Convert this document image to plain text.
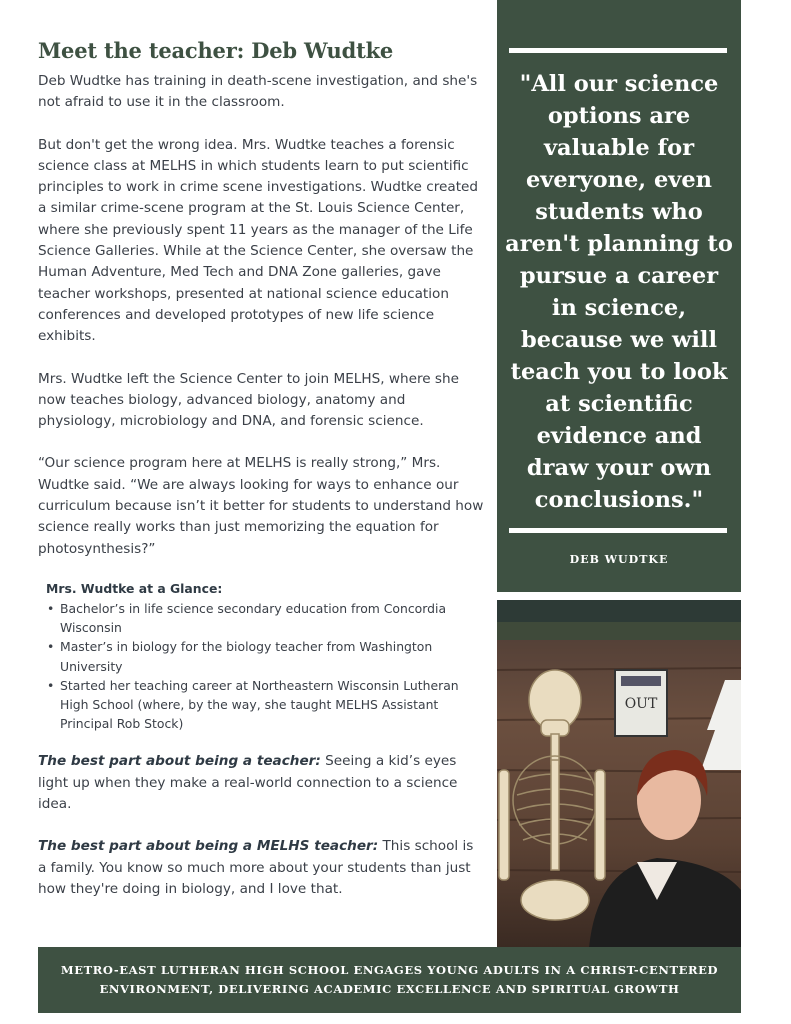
Meet the teacher: Deb Wudtke

Deb Wudtke has training in death-scene investigation, and she's not afraid to use it in the classroom.

But don't get the wrong idea. Mrs. Wudtke teaches a forensic science class at MELHS in which students learn to put scientific principles to work in crime scene investigations. Wudtke created a similar crime-scene program at the St. Louis Science Center, where she previously spent 11 years as the manager of the Life Science Galleries. While at the Science Center, she oversaw the Human Adventure, Med Tech and DNA Zone galleries, gave teacher workshops, presented at national science education conferences and developed prototypes of new life science exhibits.

Mrs. Wudtke left the Science Center to join MELHS, where she now teaches biology, advanced biology, anatomy and physiology, microbiology and DNA, and forensic science.

“Our science program here at MELHS is really strong,” Mrs. Wudtke said. “We are always looking for ways to enhance our curriculum because isn’t it better for students to understand how science really works than just memorizing the equation for photosynthesis?”

Mrs. Wudtke at a Glance:
• Bachelor’s in life science secondary education from Concordia Wisconsin
• Master’s in biology for the biology teacher from Washington University
• Started her teaching career at Northeastern Wisconsin Lutheran High School (where, by the way, she taught MELHS Assistant Principal Rob Stock)

The best part about being a teacher: Seeing a kid’s eyes light up when they make a real-world connection to a science idea.

The best part about being a MELHS teacher: This school is a family. You know so much more about your students than just how they're doing in biology, and I love that.

"All our science options are valuable for everyone, even students who aren't planning to pursue a career in science, because we will teach you to look at scientific evidence and draw your own conclusions."
DEB WUDTKE
OUT
METRO-EAST LUTHERAN HIGH SCHOOL ENGAGES YOUNG ADULTS IN A CHRIST-CENTERED
ENVIRONMENT, DELIVERING ACADEMIC EXCELLENCE AND SPIRITUAL GROWTH
